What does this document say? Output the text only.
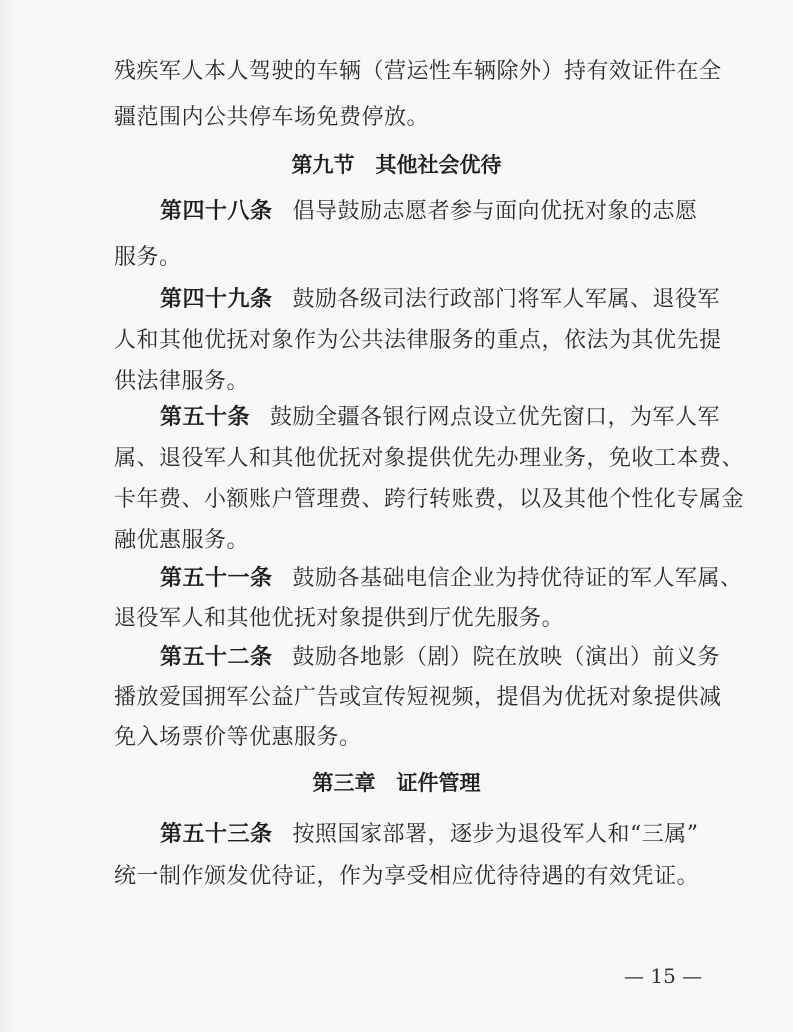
残疾军人本人驾驶的车辆（营运性车辆除外）持有效证件在全
疆范围内公共停车场免费停放。
第九节　其他社会优待
第四十八条 倡导鼓励志愿者参与面向优抚对象的志愿
服务。
第四十九条 鼓励各级司法行政部门将军人军属、退役军
人和其他优抚对象作为公共法律服务的重点，依法为其优先提
供法律服务。
第五十条 鼓励全疆各银行网点设立优先窗口，为军人军
属、退役军人和其他优抚对象提供优先办理业务，免收工本费、
卡年费、小额账户管理费、跨行转账费，以及其他个性化专属金
融优惠服务。
第五十一条 鼓励各基础电信企业为持优待证的军人军属、
退役军人和其他优抚对象提供到厅优先服务。
第五十二条 鼓励各地影（剧）院在放映（演出）前义务
播放爱国拥军公益广告或宣传短视频，提倡为优抚对象提供减
免入场票价等优惠服务。
第三章　证件管理
第五十三条 按照国家部署，逐步为退役军人和“三属”
统一制作颁发优待证，作为享受相应优待待遇的有效凭证。
— 15 —
